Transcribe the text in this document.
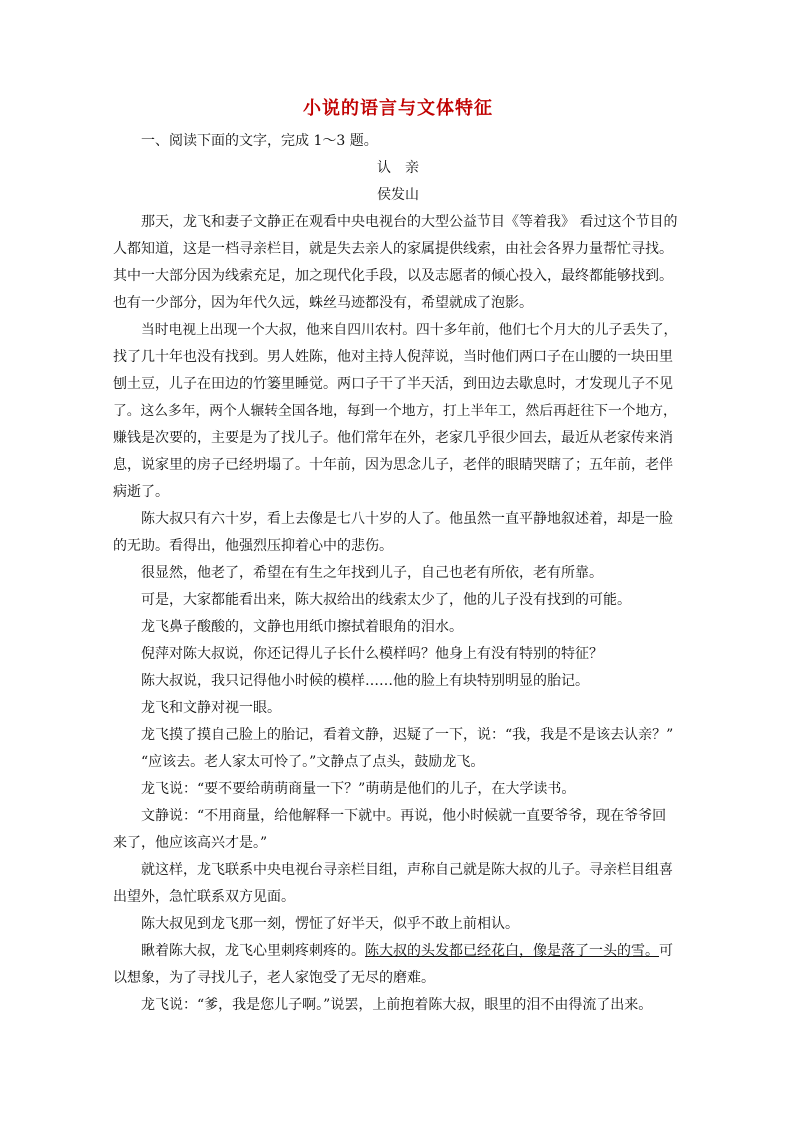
小说的语言与文体特征

一、阅读下面的文字，完成 1～3 题。

认　亲

侯发山

那天，龙飞和妻子文静正在观看中央电视台的大型公益节目《等着我》 看过这个节目的

人都知道，这是一档寻亲栏目，就是失去亲人的家属提供线索，由社会各界力量帮忙寻找。

其中一大部分因为线索充足，加之现代化手段，以及志愿者的倾心投入，最终都能够找到。

也有一少部分，因为年代久远，蛛丝马迹都没有，希望就成了泡影。

当时电视上出现一个大叔，他来自四川农村。四十多年前，他们七个月大的儿子丢失了，

找了几十年也没有找到。男人姓陈，他对主持人倪萍说，当时他们两口子在山腰的一块田里

刨土豆，儿子在田边的竹篓里睡觉。两口子干了半天活，到田边去歇息时，才发现儿子不见

了。这么多年，两个人辗转全国各地，每到一个地方，打上半年工，然后再赶往下一个地方，

赚钱是次要的，主要是为了找儿子。他们常年在外，老家几乎很少回去，最近从老家传来消

息，说家里的房子已经坍塌了。十年前，因为思念儿子，老伴的眼睛哭瞎了；五年前，老伴

病逝了。

陈大叔只有六十岁，看上去像是七八十岁的人了。他虽然一直平静地叙述着，却是一脸

的无助。看得出，他强烈压抑着心中的悲伤。

很显然，他老了，希望在有生之年找到儿子，自己也老有所依，老有所靠。

可是，大家都能看出来，陈大叔给出的线索太少了，他的儿子没有找到的可能。

龙飞鼻子酸酸的，文静也用纸巾擦拭着眼角的泪水。

倪萍对陈大叔说，你还记得儿子长什么模样吗？他身上有没有特别的特征？

陈大叔说，我只记得他小时候的模样……他的脸上有块特别明显的胎记。

龙飞和文静对视一眼。

龙飞摸了摸自己脸上的胎记，看着文静，迟疑了一下，说：“我，我是不是该去认亲？”

“应该去。老人家太可怜了。”文静点了点头，鼓励龙飞。

龙飞说：“要不要给萌萌商量一下？”萌萌是他们的儿子，在大学读书。

文静说：“不用商量，给他解释一下就中。再说，他小时候就一直要爷爷，现在爷爷回

来了，他应该高兴才是。”

就这样，龙飞联系中央电视台寻亲栏目组，声称自己就是陈大叔的儿子。寻亲栏目组喜

出望外，急忙联系双方见面。

陈大叔见到龙飞那一刻，愣怔了好半天，似乎不敢上前相认。

瞅着陈大叔，龙飞心里刺疼刺疼的。陈大叔的头发都已经花白，像是落了一头的雪。可

以想象，为了寻找儿子，老人家饱受了无尽的磨难。

龙飞说：“爹，我是您儿子啊。”说罢，上前抱着陈大叔，眼里的泪不由得流了出来。
